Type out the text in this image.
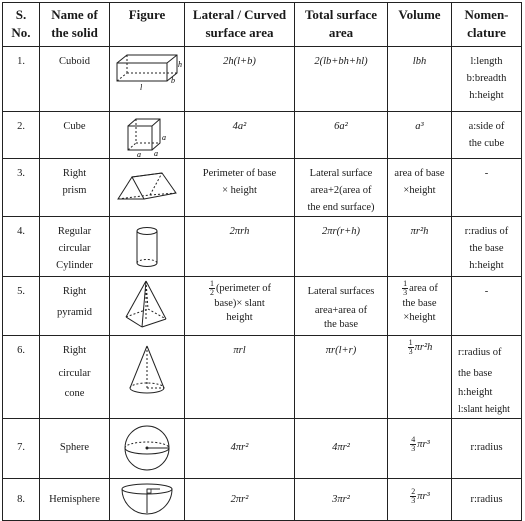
S.
No.	Name of
the solid	Figure	Lateral / Curved
surface area	Total surface
area	Volume	Nomen-
clature

1.	Cuboid	h
l
b	2h(l+b)	2(lb+bh+hl)	lbh	l:length
b:breadth
h:height

2.	Cube	a
a a	4a²	6a²	a³	a:side of
the cube

3.	Right
prism		Perimeter of base
× height	Lateral surface
area+2(area of
the end surface)	area of base
×height	-

4.	Regular
circular
Cylinder		2πrh	2πr(r+h)	πr²h	r:radius of
the base
h:height

5.	Right
pyramid		$\frac{1}{2}$ (perimeter of
base)× slant
height	Lateral surfaces
area+area of
the base	$\frac{1}{3}$ area of
the base
×height	-

6.	Right
circular
cone		πrl	πr(l+r)	$\frac{1}{3} \pi r^2h$	r:radius of
the base
h:height
l:slant height

7.	Sphere		4πr²	4πr²	$\frac{4}{3} \pi r^3$	r:radius

8.	Hemisphere		2πr²	3πr²	$\frac{2}{3} \pi r^3$	r:radius
